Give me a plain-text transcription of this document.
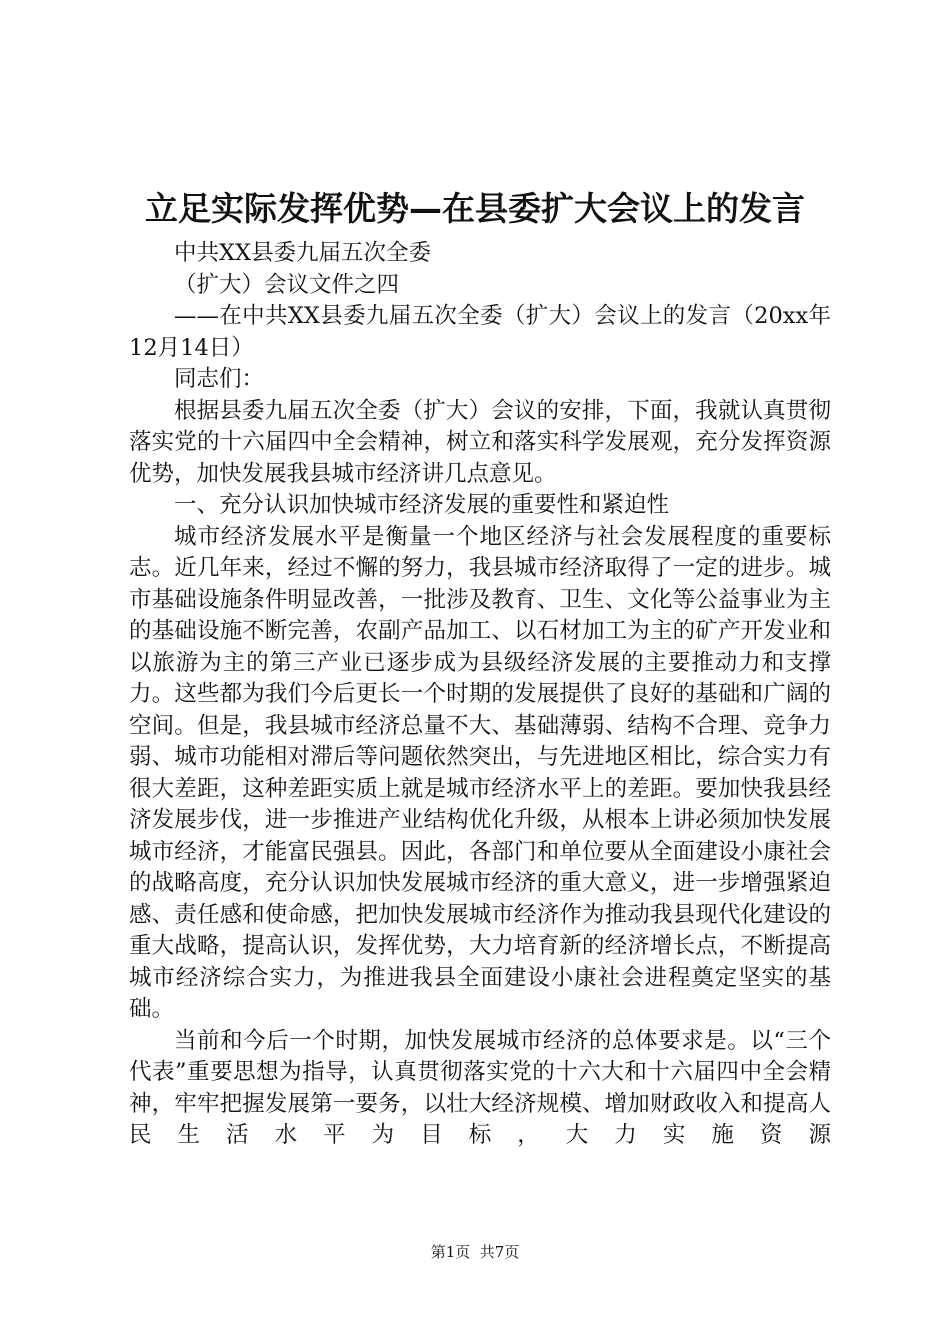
立足实际发挥优势—在县委扩大会议上的发言

中共XX县委九届五次全委

（扩大）会议文件之四

——在中共XX县委九届五次全委（扩大）会议上的发言（20xx年12月14日）

同志们：

根据县委九届五次全委（扩大）会议的安排，下面，我就认真贯彻落实党的十六届四中全会精神，树立和落实科学发展观，充分发挥资源优势，加快发展我县城市经济讲几点意见。

一、充分认识加快城市经济发展的重要性和紧迫性

城市经济发展水平是衡量一个地区经济与社会发展程度的重要标志。近几年来，经过不懈的努力，我县城市经济取得了一定的进步。城市基础设施条件明显改善，一批涉及教育、卫生、文化等公益事业为主的基础设施不断完善，农副产品加工、以石材加工为主的矿产开发业和以旅游为主的第三产业已逐步成为县级经济发展的主要推动力和支撑力。这些都为我们今后更长一个时期的发展提供了良好的基础和广阔的空间。但是，我县城市经济总量不大、基础薄弱、结构不合理、竞争力弱、城市功能相对滞后等问题依然突出，与先进地区相比，综合实力有很大差距，这种差距实质上就是城市经济水平上的差距。要加快我县经济发展步伐，进一步推进产业结构优化升级，从根本上讲必须加快发展城市经济，才能富民强县。因此，各部门和单位要从全面建设小康社会的战略高度，充分认识加快发展城市经济的重大意义，进一步增强紧迫感、责任感和使命感，把加快发展城市经济作为推动我县现代化建设的重大战略，提高认识，发挥优势，大力培育新的经济增长点，不断提高城市经济综合实力，为推进我县全面建设小康社会进程奠定坚实的基础。

当前和今后一个时期，加快发展城市经济的总体要求是。以“三个代表”重要思想为指导，认真贯彻落实党的十六大和十六届四中全会精神，牢牢把握发展第一要务，以壮大经济规模、增加财政收入和提高人民生活水平为目标，大力实施资源

第1页  共7页
